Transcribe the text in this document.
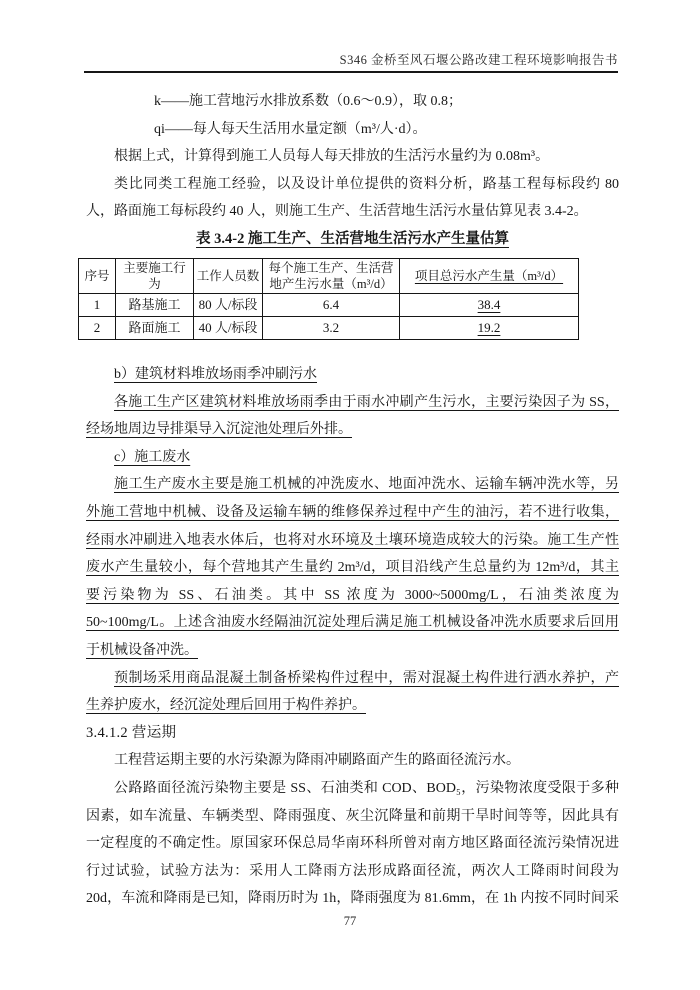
S346 金桥至风石堰公路改建工程环境影响报告书
k——施工营地污水排放系数（0.6～0.9），取 0.8；
qi——每人每天生活用水量定额（m³/人·d）。
根据上式，计算得到施工人员每人每天排放的生活污水量约为 0.08m³。
类比同类工程施工经验，以及设计单位提供的资料分析，路基工程每标段约 80
人，路面施工每标段约 40 人，则施工生产、生活营地生活污水量估算见表 3.4-2。
表 3.4-2 施工生产、生活营地生活污水产生量估算
序号	主要施工行为	工作人员数	每个施工生产、生活营地产生污水量（m³/d）	项目总污水产生量（m³/d）
1	路基施工	80 人/标段	6.4	38.4
2	路面施工	40 人/标段	3.2	19.2
b）建筑材料堆放场雨季冲刷污水
各施工生产区建筑材料堆放场雨季由于雨水冲刷产生污水，主要污染因子为 SS，
经场地周边导排渠导入沉淀池处理后外排。
c）施工废水
施工生产废水主要是施工机械的冲洗废水、地面冲洗水、运输车辆冲洗水等，另
外施工营地中机械、设备及运输车辆的维修保养过程中产生的油污，若不进行收集，
经雨水冲刷进入地表水体后，也将对水环境及土壤环境造成较大的污染。施工生产性
废水产生量较小，每个营地其产生量约 2m³/d，项目沿线产生总量约为 12m³/d，其主
要污染物为 SS、石油类。其中 SS 浓度为 3000~5000mg/L，石油类浓度为
50~100mg/L。上述含油废水经隔油沉淀处理后满足施工机械设备冲洗水质要求后回用
于机械设备冲洗。
预制场采用商品混凝土制备桥梁构件过程中，需对混凝土构件进行洒水养护，产
生养护废水，经沉淀处理后回用于构件养护。
3.4.1.2 营运期
工程营运期主要的水污染源为降雨冲刷路面产生的路面径流污水。
公路路面径流污染物主要是 SS、石油类和 COD、BOD₅，污染物浓度受限于多种
因素，如车流量、车辆类型、降雨强度、灰尘沉降量和前期干旱时间等等，因此具有
一定程度的不确定性。原国家环保总局华南环科所曾对南方地区路面径流污染情况进
行过试验，试验方法为：采用人工降雨方法形成路面径流，两次人工降雨时间段为
20d，车流和降雨是已知，降雨历时为 1h，降雨强度为 81.6mm，在 1h 内按不同时间采
77
